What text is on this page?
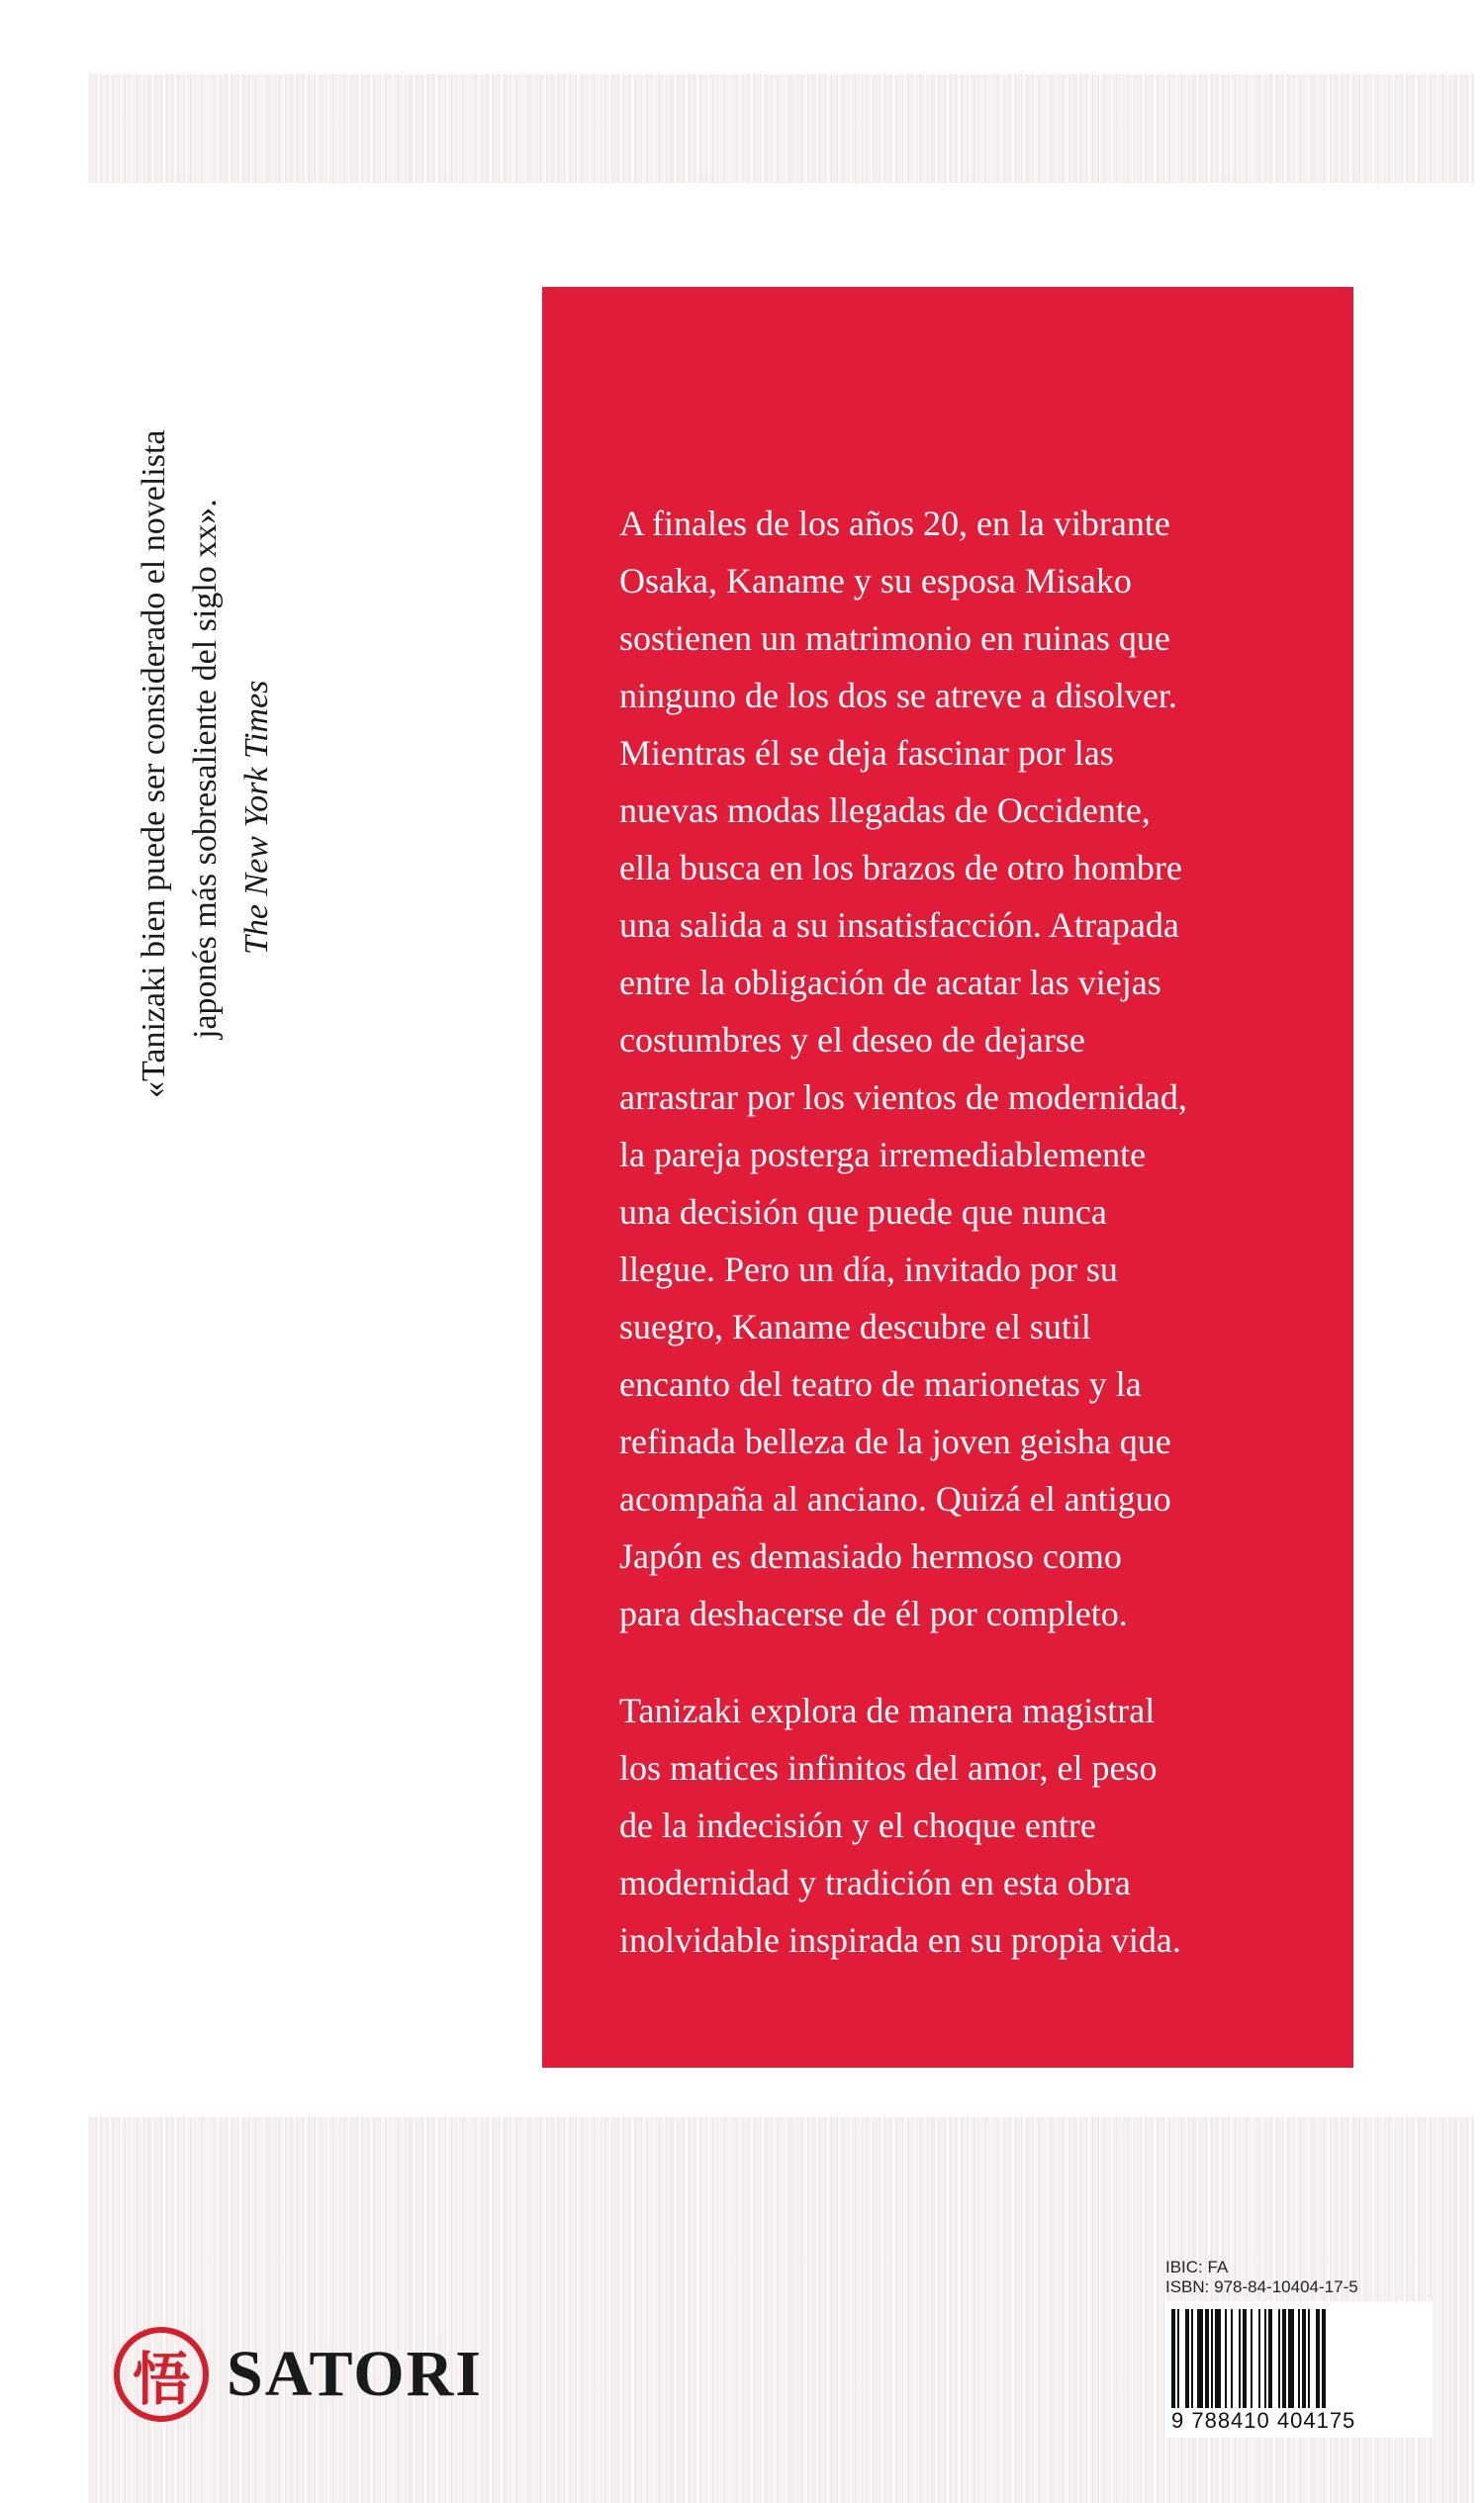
«Tanizaki bien puede ser considerado el novelista japonés más sobresaliente del siglo xx». The New York Times

A finales de los años 20, en la vibrante
Osaka, Kaname y su esposa Misako
sostienen un matrimonio en ruinas que
ninguno de los dos se atreve a disolver.
Mientras él se deja fascinar por las
nuevas modas llegadas de Occidente,
ella busca en los brazos de otro hombre
una salida a su insatisfacción. Atrapada
entre la obligación de acatar las viejas
costumbres y el deseo de dejarse
arrastrar por los vientos de modernidad,
la pareja posterga irremediablemente
una decisión que puede que nunca
llegue. Pero un día, invitado por su
suegro, Kaname descubre el sutil
encanto del teatro de marionetas y la
refinada belleza de la joven geisha que
acompaña al anciano. Quizá el antiguo
Japón es demasiado hermoso como
para deshacerse de él por completo.

Tanizaki explora de manera magistral
los matices infinitos del amor, el peso
de la indecisión y el choque entre
modernidad y tradición en esta obra
inolvidable inspirada en su propia vida.

悟 SATORI
IBIC: FA
ISBN: 978-84-10404-17-5
9 788410 404175
